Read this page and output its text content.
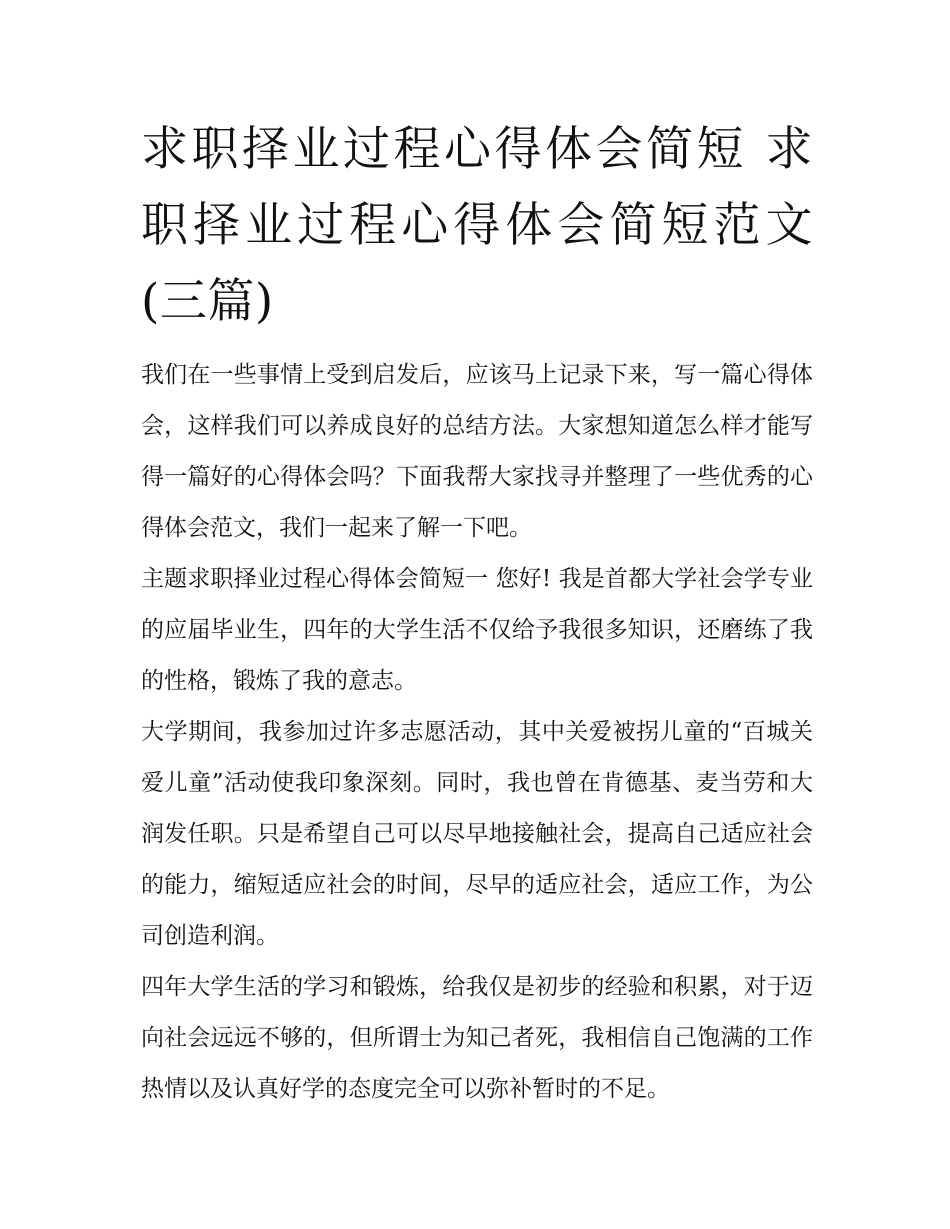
求职择业过程心得体会简短 求职择业过程心得体会简短范文(三篇)

我们在一些事情上受到启发后，应该马上记录下来，写一篇心得体会，这样我们可以养成良好的总结方法。大家想知道怎么样才能写得一篇好的心得体会吗？下面我帮大家找寻并整理了一些优秀的心得体会范文，我们一起来了解一下吧。

主题求职择业过程心得体会简短一 您好! 我是首都大学社会学专业的应届毕业生，四年的大学生活不仅给予我很多知识，还磨练了我的性格，锻炼了我的意志。

大学期间，我参加过许多志愿活动，其中关爱被拐儿童的“百城关爱儿童”活动使我印象深刻。同时，我也曾在肯德基、麦当劳和大润发任职。只是希望自己可以尽早地接触社会，提高自己适应社会的能力，缩短适应社会的时间，尽早的适应社会，适应工作，为公司创造利润。

四年大学生活的学习和锻炼，给我仅是初步的经验和积累，对于迈向社会远远不够的，但所谓士为知己者死，我相信自己饱满的工作热情以及认真好学的态度完全可以弥补暂时的不足。
